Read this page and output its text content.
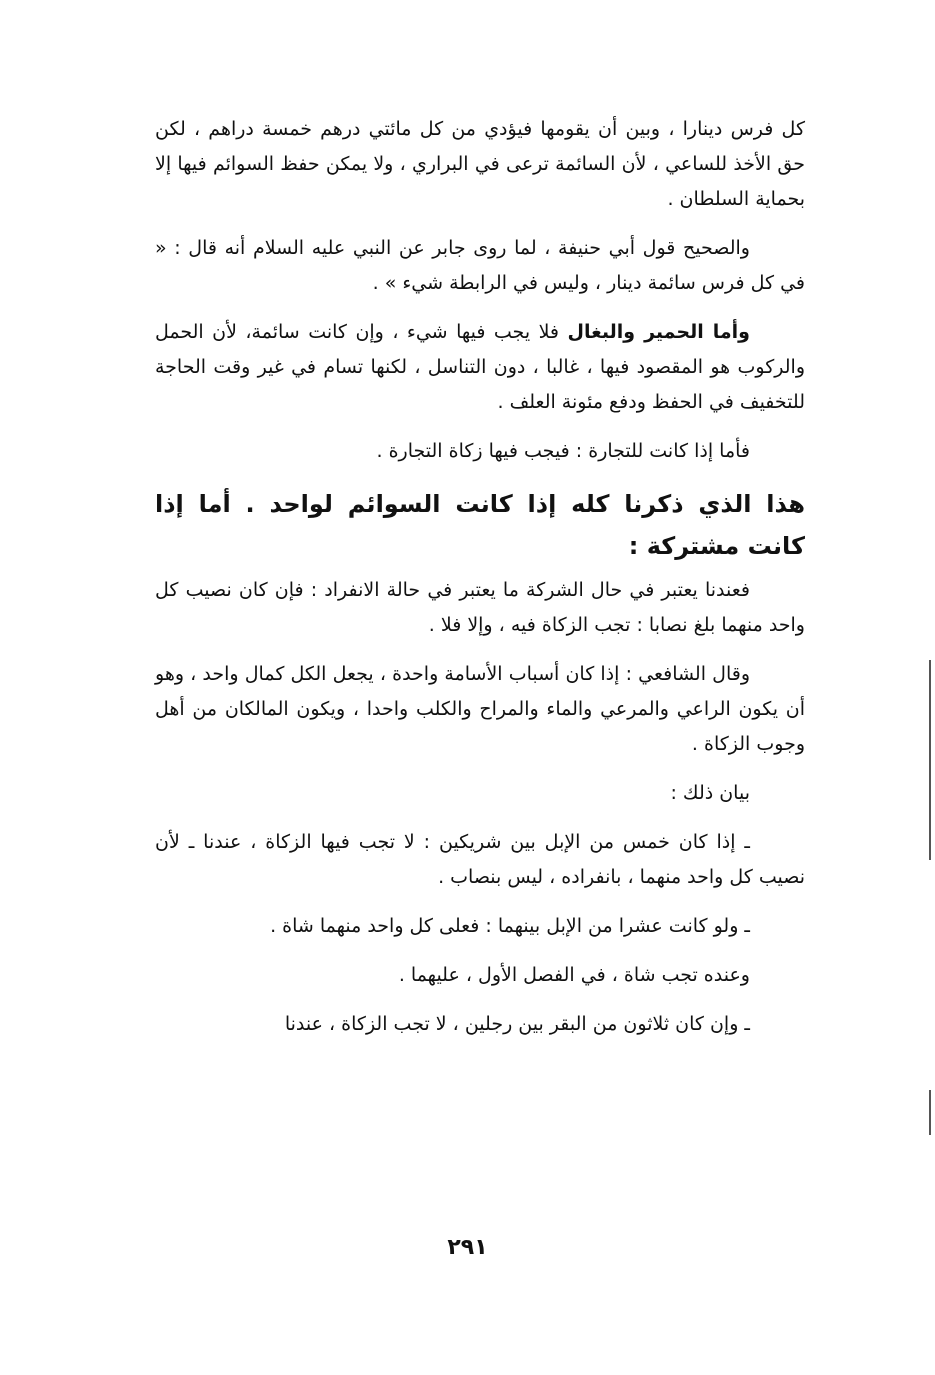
كل فرس دينارا ، وبين أن يقومها فيؤدي من كل مائتي درهم خمسة دراهم ، لكن حق الأخذ للساعي ، لأن السائمة ترعى في البراري ، ولا يمكن حفظ السوائم فيها إلا بحماية السلطان .

والصحيح قول أبي حنيفة ، لما روى جابر عن النبي عليه السلام أنه قال : « في كل فرس سائمة دينار ، وليس في الرابطة شيء » .

وأما الحمير والبغال فلا يجب فيها شيء ، وإن كانت سائمة، لأن الحمل والركوب هو المقصود فيها ، غالبا ، دون التناسل ، لكنها تسام في غير وقت الحاجة للتخفيف في الحفظ ودفع مئونة العلف .

فأما إذا كانت للتجارة : فيجب فيها زكاة التجارة .

هذا الذي ذكرنا كله إذا كانت السوائم لواحد . أما إذا كانت مشتركة :

فعندنا يعتبر في حال الشركة ما يعتبر في حالة الانفراد : فإن كان نصيب كل واحد منهما بلغ نصابا : تجب الزكاة فيه ، وإلا فلا .

وقال الشافعي : إذا كان أسباب الأسامة واحدة ، يجعل الكل كمال واحد ، وهو أن يكون الراعي والمرعي والماء والمراح والكلب واحدا ، ويكون المالكان من أهل وجوب الزكاة .

بيان ذلك :

ـ إذا كان خمس من الإبل بين شريكين : لا تجب فيها الزكاة ، عندنا ـ لأن نصيب كل واحد منهما ، بانفراده ، ليس بنصاب .

ـ ولو كانت عشرا من الإبل بينهما : فعلى كل واحد منهما شاة .

وعنده تجب شاة ، في الفصل الأول ، عليهما .

ـ وإن كان ثلاثون من البقر بين رجلين ، لا تجب الزكاة ، عندنا

٢٩١
